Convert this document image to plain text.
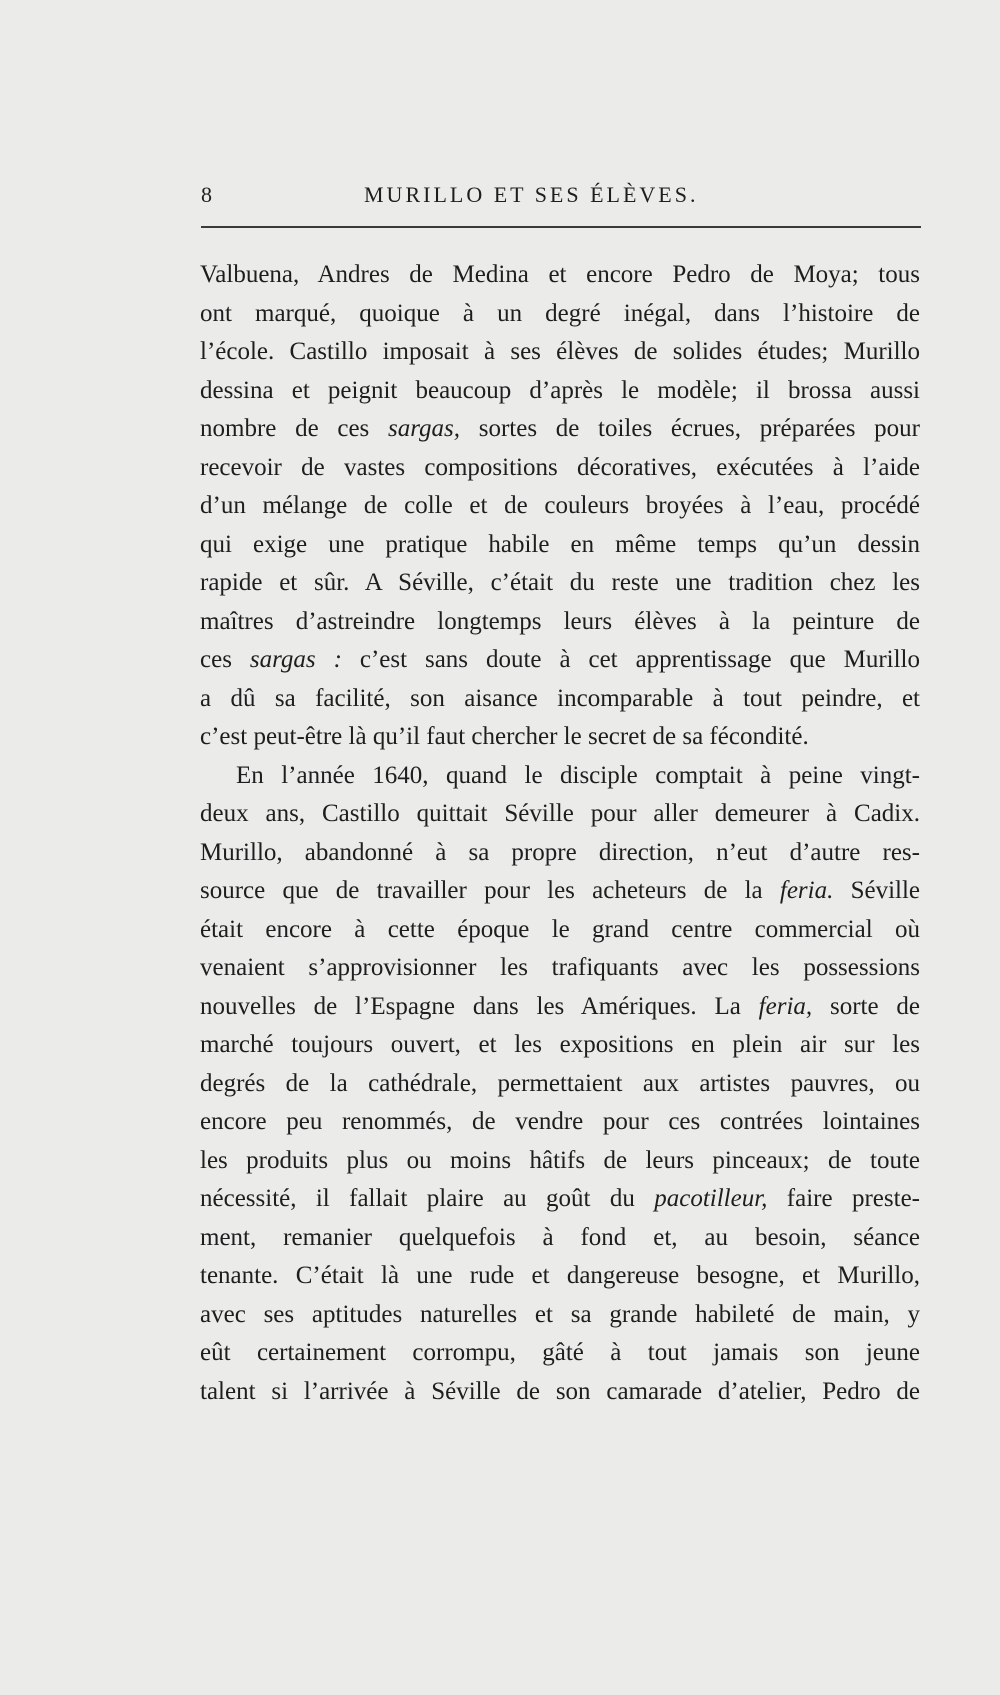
8	MURILLO ET SES ÉLÈVES.
Valbuena, Andres de Medina et encore Pedro de Moya; tous
ont marqué, quoique à un degré inégal, dans l’histoire de
l’école. Castillo imposait à ses élèves de solides études; Murillo
dessina et peignit beaucoup d’après le modèle; il brossa aussi
nombre de ces sargas, sortes de toiles écrues, préparées pour
recevoir de vastes compositions décoratives, exécutées à l’aide
d’un mélange de colle et de couleurs broyées à l’eau, procédé
qui exige une pratique habile en même temps qu’un dessin
rapide et sûr. A Séville, c’était du reste une tradition chez les
maîtres d’astreindre longtemps leurs élèves à la peinture de
ces sargas : c’est sans doute à cet apprentissage que Murillo
a dû sa facilité, son aisance incomparable à tout peindre, et
c’est peut-être là qu’il faut chercher le secret de sa fécondité.
En l’année 1640, quand le disciple comptait à peine vingt-
deux ans, Castillo quittait Séville pour aller demeurer à Cadix.
Murillo, abandonné à sa propre direction, n’eut d’autre res-
source que de travailler pour les acheteurs de la feria. Séville
était encore à cette époque le grand centre commercial où
venaient s’approvisionner les trafiquants avec les possessions
nouvelles de l’Espagne dans les Amériques. La feria, sorte de
marché toujours ouvert, et les expositions en plein air sur les
degrés de la cathédrale, permettaient aux artistes pauvres, ou
encore peu renommés, de vendre pour ces contrées lointaines
les produits plus ou moins hâtifs de leurs pinceaux; de toute
nécessité, il fallait plaire au goût du pacotilleur, faire preste-
ment, remanier quelquefois à fond et, au besoin, séance
tenante. C’était là une rude et dangereuse besogne, et Murillo,
avec ses aptitudes naturelles et sa grande habileté de main, y
eût certainement corrompu, gâté à tout jamais son jeune
talent si l’arrivée à Séville de son camarade d’atelier, Pedro de
